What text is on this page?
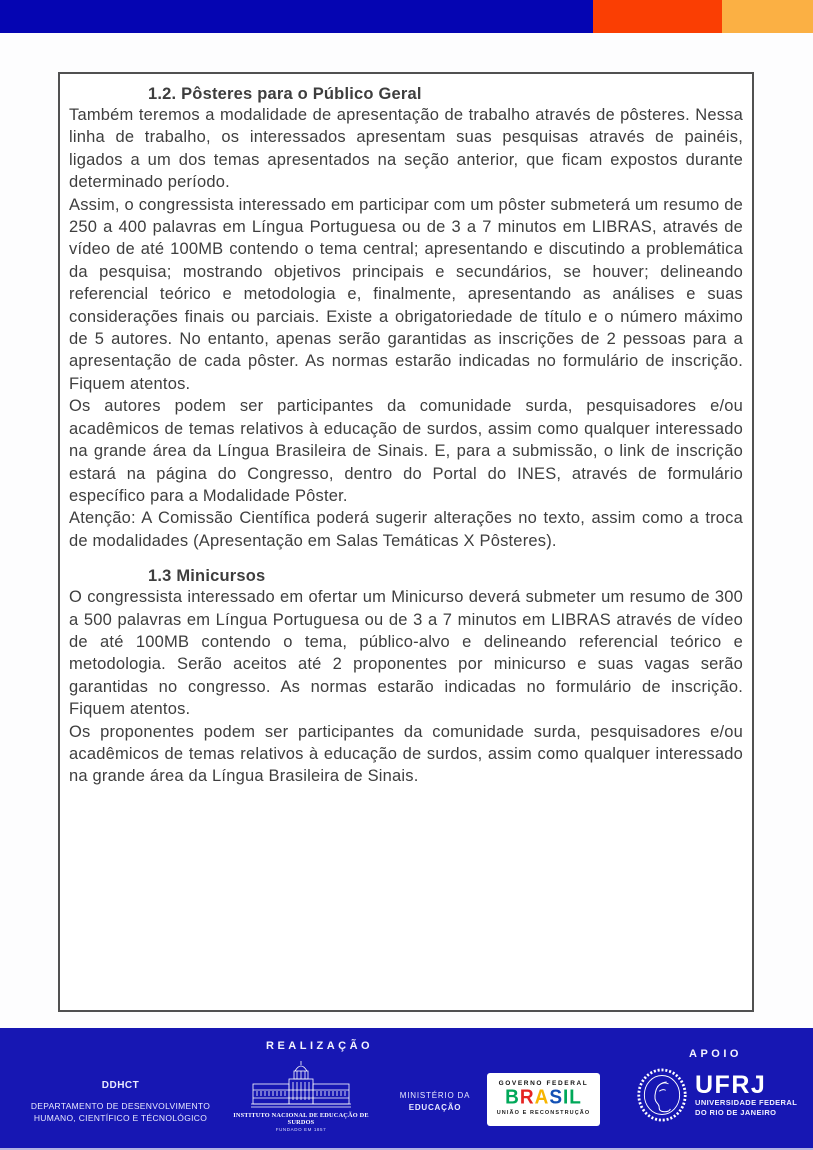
1.2. Pôsteres para o Público Geral

Também teremos a modalidade de apresentação de trabalho através de pôsteres. Nessa linha de trabalho, os interessados apresentam suas pesquisas através de painéis, ligados a um dos temas apresentados na seção anterior, que ficam expostos durante determinado período.

Assim, o congressista interessado em participar com um pôster submeterá um resumo de 250 a 400 palavras em Língua Portuguesa ou de 3 a 7 minutos em LIBRAS, através de vídeo de até 100MB contendo o tema central; apresentando e discutindo a problemática da pesquisa; mostrando objetivos principais e secundários, se houver; delineando referencial teórico e metodologia e, finalmente, apresentando as análises e suas considerações finais ou parciais. Existe a obrigatoriedade de título e o número máximo de 5 autores. No entanto, apenas serão garantidas as inscrições de 2 pessoas para a apresentação de cada pôster. As normas estarão indicadas no formulário de inscrição. Fiquem atentos.

Os autores podem ser participantes da comunidade surda, pesquisadores e/ou acadêmicos de temas relativos à educação de surdos, assim como qualquer interessado na grande área da Língua Brasileira de Sinais. E, para a submissão, o link de inscrição estará na página do Congresso, dentro do Portal do INES, através de formulário específico para a Modalidade Pôster.

Atenção: A Comissão Científica poderá sugerir alterações no texto, assim como a troca de modalidades (Apresentação em Salas Temáticas X Pôsteres).

1.3 Minicursos

O congressista interessado em ofertar um Minicurso deverá submeter um resumo de 300 a 500 palavras em Língua Portuguesa ou de 3 a 7 minutos em LIBRAS através de vídeo de até 100MB contendo o tema, público-alvo e delineando referencial teórico e metodologia. Serão aceitos até 2 proponentes por minicurso e suas vagas serão garantidas no congresso. As normas estarão indicadas no formulário de inscrição. Fiquem atentos.

Os proponentes podem ser participantes da comunidade surda, pesquisadores e/ou acadêmicos de temas relativos à educação de surdos, assim como qualquer interessado na grande área da Língua Brasileira de Sinais.

REALIZAÇÃO
APOIO
DDHCT
DEPARTAMENTO DE DESENVOLVIMENTO
HUMANO, CIENTÍFICO E TÉCNOLÓGICO	INSTITUTO NACIONAL DE EDUCAÇÃO DE SURDOS
FUNDADO EM 1857
MINISTÉRIO DA
EDUCAÇÃO
GOVERNO FEDERAL
BRASIL
UNIÃO E RECONSTRUÇÃO
UFRJ
UNIVERSIDADE FEDERAL
DO RIO DE JANEIRO
